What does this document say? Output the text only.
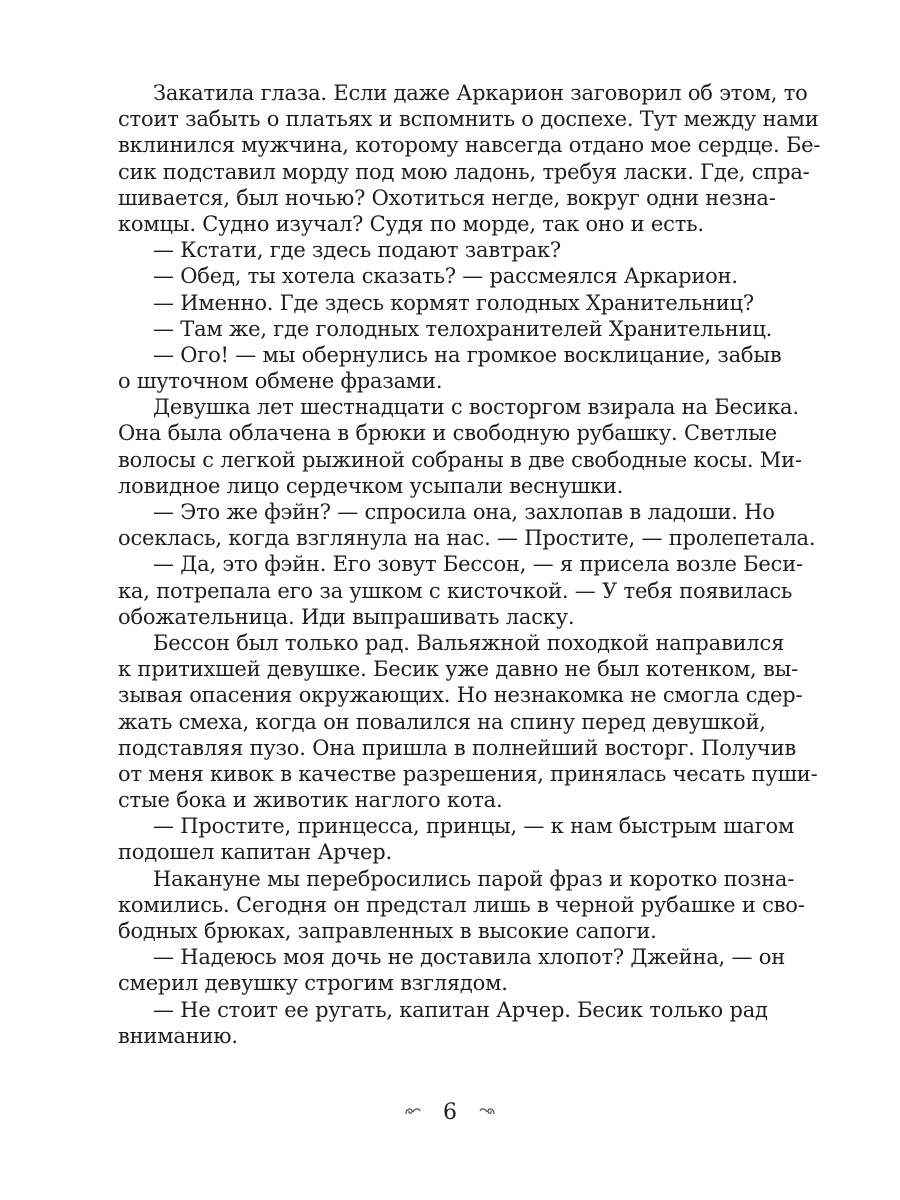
Закатила глаза. Если даже Аркарион заговорил об этом, то
стоит забыть о платьях и вспомнить о доспехе. Тут между нами
вклинился мужчина, которому навсегда отдано мое сердце. Бе-
сик подставил морду под мою ладонь, требуя ласки. Где, спра-
шивается, был ночью? Охотиться негде, вокруг одни незна-
комцы. Судно изучал? Судя по морде, так оно и есть.
— Кстати, где здесь подают завтрак?
— Обед, ты хотела сказать? — рассмеялся Аркарион.
— Именно. Где здесь кормят голодных Хранительниц?
— Там же, где голодных телохранителей Хранительниц.
— Ого! — мы обернулись на громкое восклицание, забыв
о шуточном обмене фразами.
Девушка лет шестнадцати с восторгом взирала на Бесика.
Она была облачена в брюки и свободную рубашку. Светлые
волосы с легкой рыжиной собраны в две свободные косы. Ми-
ловидное лицо сердечком усыпали веснушки.
— Это же фэйн? — спросила она, захлопав в ладоши. Но
осеклась, когда взглянула на нас. — Простите, — пролепетала.
— Да, это фэйн. Его зовут Бессон, — я присела возле Беси-
ка, потрепала его за ушком с кисточкой. — У тебя появилась
обожательница. Иди выпрашивать ласку.
Бессон был только рад. Вальяжной походкой направился
к притихшей девушке. Бесик уже давно не был котенком, вы-
зывая опасения окружающих. Но незнакомка не смогла сдер-
жать смеха, когда он повалился на спину перед девушкой,
подставляя пузо. Она пришла в полнейший восторг. Получив
от меня кивок в качестве разрешения, принялась чесать пуши-
стые бока и животик наглого кота.
— Простите, принцесса, принцы, — к нам быстрым шагом
подошел капитан Арчер.
Накануне мы перебросились парой фраз и коротко позна-
комились. Сегодня он предстал лишь в черной рубашке и сво-
бодных брюках, заправленных в высокие сапоги.
— Надеюсь моя дочь не доставила хлопот? Джейна, — он
смерил девушку строгим взглядом.
— Не стоит ее ругать, капитан Арчер. Бесик только рад
вниманию.
6
